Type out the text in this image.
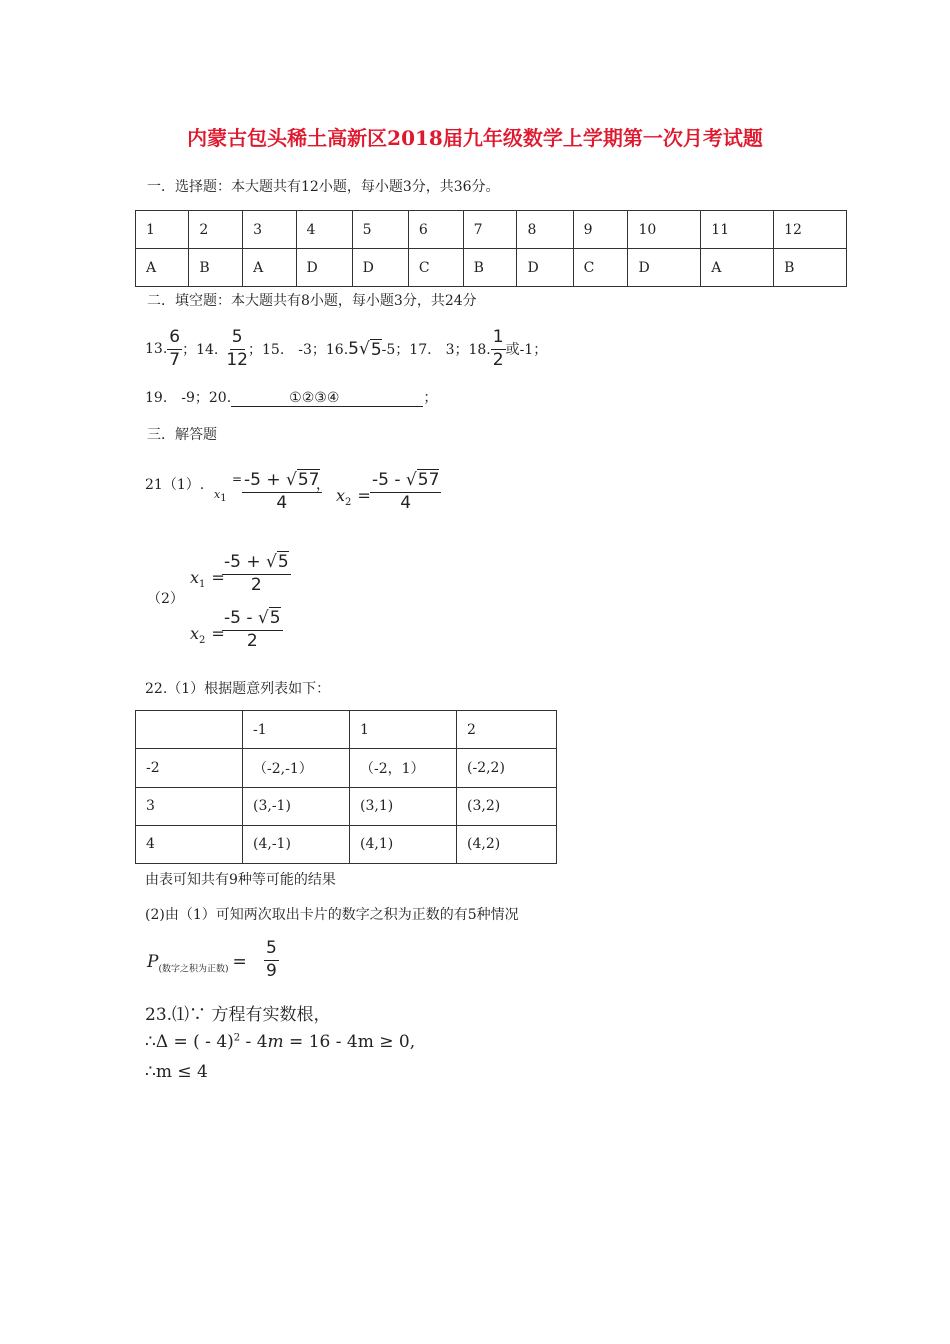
内蒙古包头稀土高新区2018届九年级数学上学期第一次月考试题
一．选择题：本大题共有12小题，每小题3分，共36分。
1	2	3	4	5	6	7	8	9	10	11	12
A	B	A	D	D	C	B	D	C	D	A	B
二．填空题：本大题共有8小题，每小题3分，共24分
13. $\frac{6}{7}$ ；14. $\frac{5}{12}$ ；15.　-3；16. 5 √ 5 -5；17.　3；18. $\frac{1}{2}$ 或-1；
19.　-9；20.	①②③④	；
三．解答题
21（1）.
$x_1$
= $\frac{-5 + √57}{4}$
，
$x_2 = \frac{-5 - √57}{4}$
（2）
$x_1$ =
$\frac{-5 + √5}{2}$
$x_2$ =
$\frac{-5 - √5}{2}$
22.（1）根据题意列表如下：
	-1	1	2
-2	（-2,-1）	（-2，1）	(-2,2)
3	(3,-1)	(3,1)	(3,2)
4	(4,-1)	(4,1)	(4,2)
由表可知共有9种等可能的结果
(2)由（1）可知两次取出卡片的数字之积为正数的有5种情况
$P_{(数字之积为正数)} = \frac{5}{9}$
23.⑴∵ 方程有实数根，
∴Δ = ( - 4)$^2$ - 4m = 16 - 4m ≥ 0,
∴m ≤ 4
